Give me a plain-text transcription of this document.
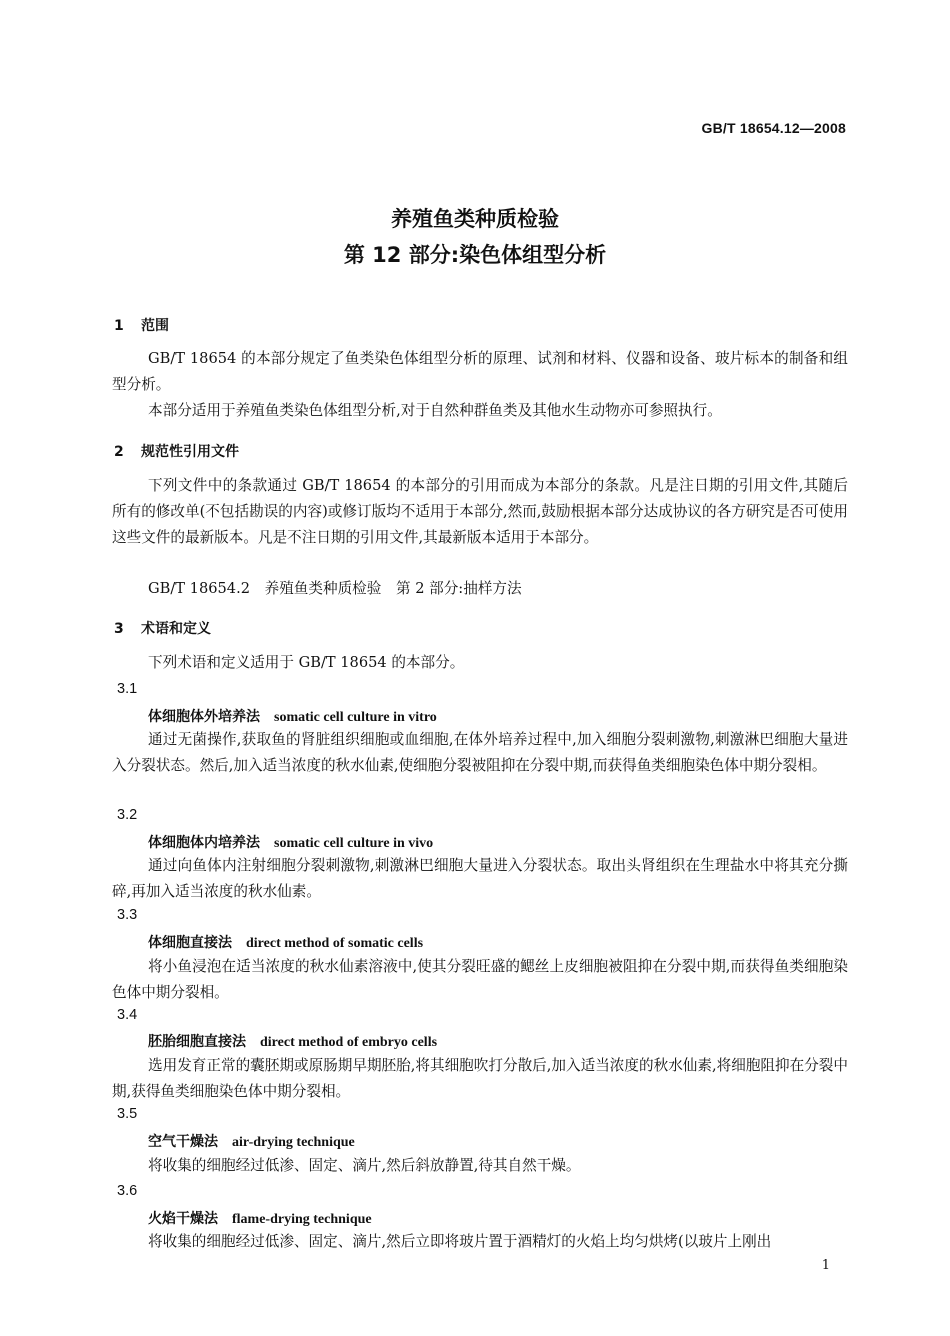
GB/T 18654.12—2008
养殖鱼类种质检验
第 12 部分:染色体组型分析
1 范围
GB/T 18654 的本部分规定了鱼类染色体组型分析的原理、试剂和材料、仪器和设备、玻片标本的制备和组型分析。
本部分适用于养殖鱼类染色体组型分析,对于自然种群鱼类及其他水生动物亦可参照执行。
2 规范性引用文件
下列文件中的条款通过 GB/T 18654 的本部分的引用而成为本部分的条款。凡是注日期的引用文件,其随后所有的修改单(不包括勘误的内容)或修订版均不适用于本部分,然而,鼓励根据本部分达成协议的各方研究是否可使用这些文件的最新版本。凡是不注日期的引用文件,其最新版本适用于本部分。
GB/T 18654.2　养殖鱼类种质检验　第 2 部分:抽样方法
3 术语和定义
下列术语和定义适用于 GB/T 18654 的本部分。
3.1
体细胞体外培养法 somatic cell culture in vitro
通过无菌操作,获取鱼的肾脏组织细胞或血细胞,在体外培养过程中,加入细胞分裂刺激物,刺激淋巴细胞大量进入分裂状态。然后,加入适当浓度的秋水仙素,使细胞分裂被阻抑在分裂中期,而获得鱼类细胞染色体中期分裂相。
3.2
体细胞体内培养法 somatic cell culture in vivo
通过向鱼体内注射细胞分裂刺激物,刺激淋巴细胞大量进入分裂状态。取出头肾组织在生理盐水中将其充分撕碎,再加入适当浓度的秋水仙素。
3.3
体细胞直接法 direct method of somatic cells
将小鱼浸泡在适当浓度的秋水仙素溶液中,使其分裂旺盛的鳃丝上皮细胞被阻抑在分裂中期,而获得鱼类细胞染色体中期分裂相。
3.4
胚胎细胞直接法 direct method of embryo cells
选用发育正常的囊胚期或原肠期早期胚胎,将其细胞吹打分散后,加入适当浓度的秋水仙素,将细胞阻抑在分裂中期,获得鱼类细胞染色体中期分裂相。
3.5
空气干燥法 air-drying technique
将收集的细胞经过低渗、固定、滴片,然后斜放静置,待其自然干燥。
3.6
火焰干燥法 flame-drying technique
将收集的细胞经过低渗、固定、滴片,然后立即将玻片置于酒精灯的火焰上均匀烘烤(以玻片上刚出
1
